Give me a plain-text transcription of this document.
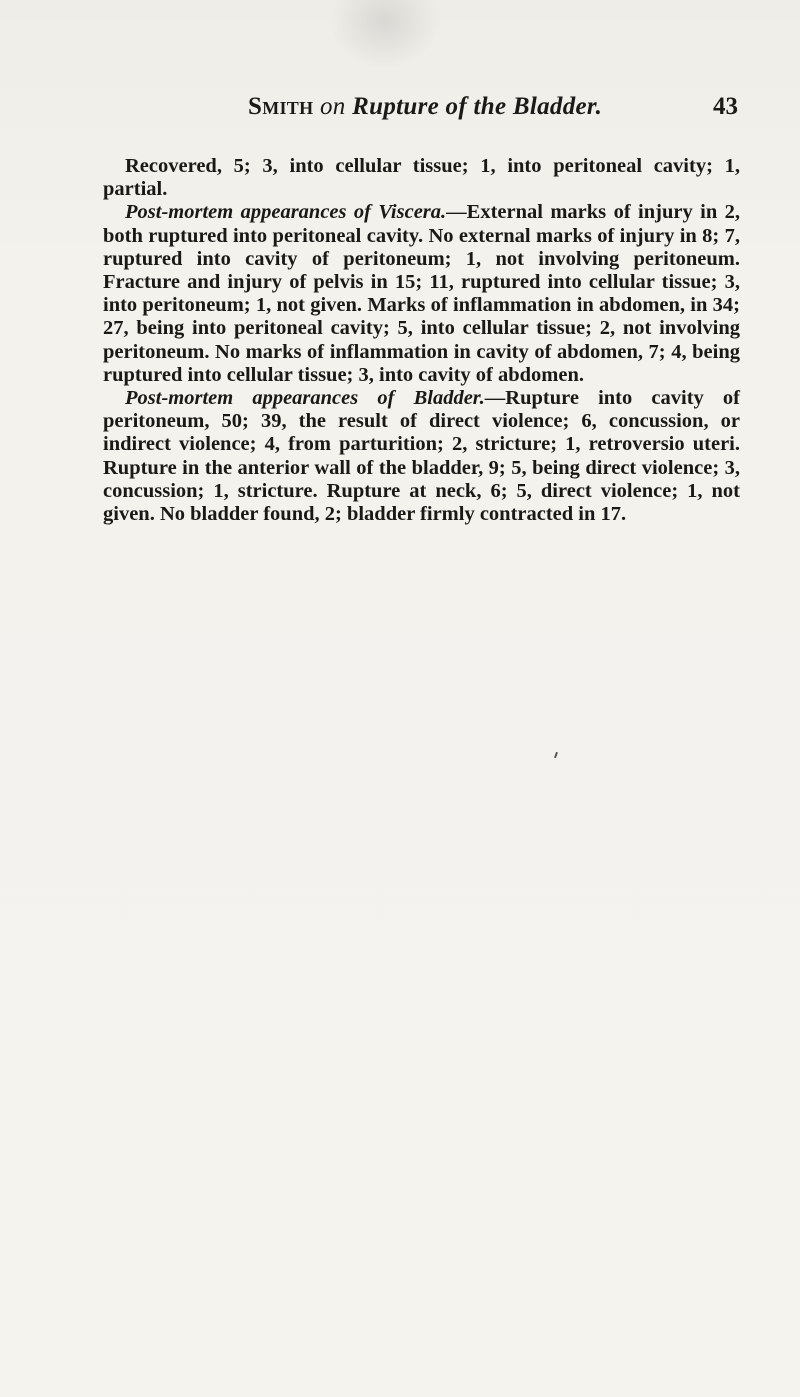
Smith on Rupture of the Bladder.	43

Recovered, 5; 3, into cellular tissue; 1, into peritoneal cavity; 1, partial.

Post-mortem appearances of Viscera.—External marks of injury in 2, both ruptured into peritoneal cavity. No external marks of injury in 8; 7, ruptured into cavity of peritoneum; 1, not involving peritoneum. Fracture and injury of pelvis in 15; 11, ruptured into cellular tissue; 3, into peritoneum; 1, not given. Marks of inflammation in abdomen, in 34; 27, being into peritoneal cavity; 5, into cellular tissue; 2, not involving peritoneum. No marks of inflammation in cavity of abdomen, 7; 4, being ruptured into cellular tissue; 3, into cavity of abdomen.

Post-mortem appearances of Bladder.—Rupture into cavity of peritoneum, 50; 39, the result of direct violence; 6, concussion, or indirect violence; 4, from parturition; 2, stricture; 1, retroversio uteri. Rupture in the anterior wall of the bladder, 9; 5, being direct violence; 3, concussion; 1, stricture. Rupture at neck, 6; 5, direct violence; 1, not given. No bladder found, 2; bladder firmly contracted in 17.
